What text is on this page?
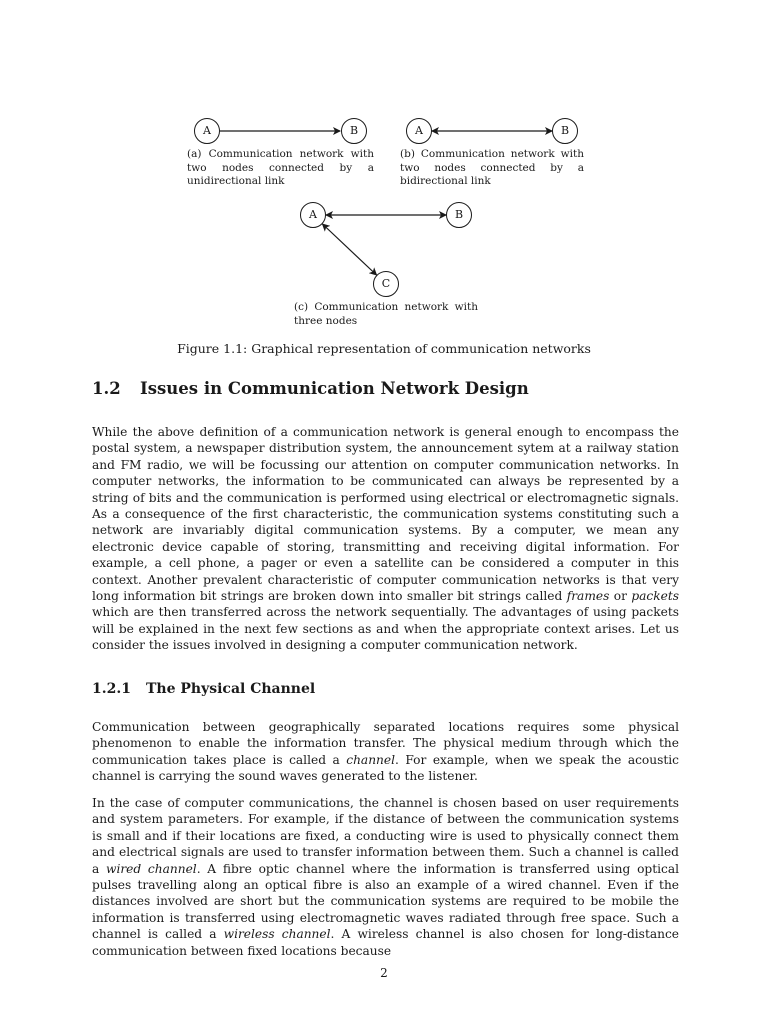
A	B
(a) Communication network with two nodes connected by a unidirectional link
A	B
(b) Communication network with two nodes connected by a bidirectional link
A	B
C
(c) Communication network with three nodes
Figure 1.1: Graphical representation of communication networks
1.2 Issues in Communication Network Design

While the above definition of a communication network is general enough to encompass the postal system, a newspaper distribution system, the announcement sytem at a railway station and FM radio, we will be focussing our attention on computer communication networks. In computer networks, the information to be communicated can always be represented by a string of bits and the communication is performed using electrical or electromagnetic signals. As a consequence of the first characteristic, the communication systems constituting such a network are invariably digital communication systems. By a computer, we mean any electronic device capable of storing, transmitting and receiving digital information. For example, a cell phone, a pager or even a satellite can be considered a computer in this context. Another prevalent characteristic of computer communication networks is that very long information bit strings are broken down into smaller bit strings called frames or packets which are then transferred across the network sequentially. The advantages of using packets will be explained in the next few sections as and when the appropriate context arises. Let us consider the issues involved in designing a computer communication network.

1.2.1 The Physical Channel

Communication between geographically separated locations requires some physical phenomenon to enable the information transfer. The physical medium through which the communication takes place is called a channel. For example, when we speak the acoustic channel is carrying the sound waves generated to the listener.

In the case of computer communications, the channel is chosen based on user requirements and system parameters. For example, if the distance of between the communication systems is small and if their locations are fixed, a conducting wire is used to physically connect them and electrical signals are used to transfer information between them. Such a channel is called a wired channel. A fibre optic channel where the information is transferred using optical pulses travelling along an optical fibre is also an example of a wired channel. Even if the distances involved are short but the communication systems are required to be mobile the information is transferred using electromagnetic waves radiated through free space. Such a channel is called a wireless channel. A wireless channel is also chosen for long-distance communication between fixed locations because

2
